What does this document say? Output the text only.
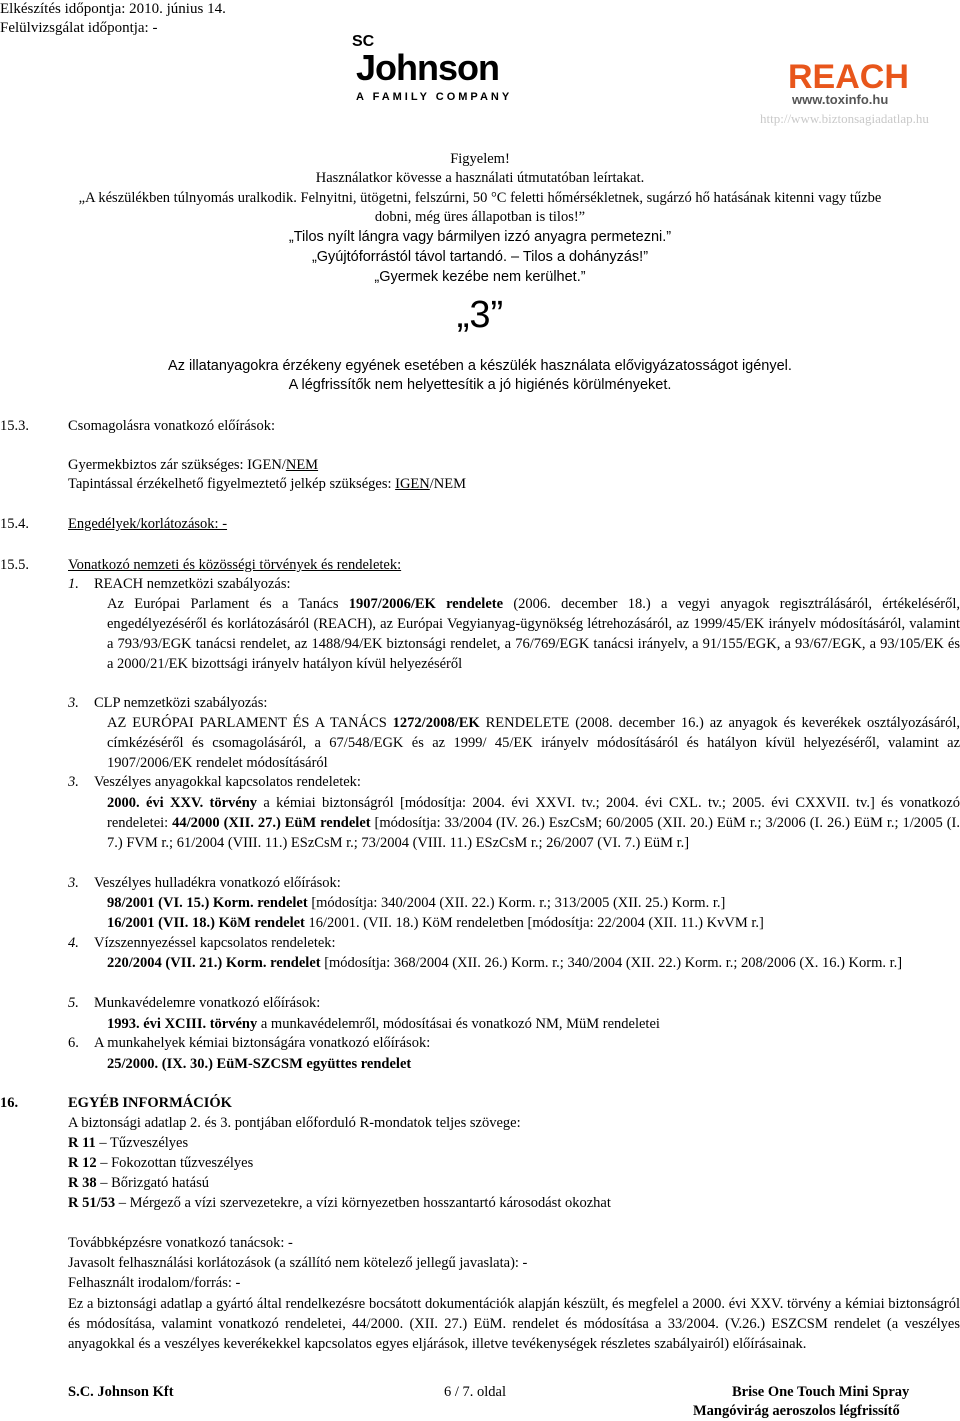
Elkészítés időpontja: 2010. június 14.
Felülvizsgálat időpontja: -
SC
Johnson
A FAMILY COMPANY
REACH
www.toxinfo.hu
http://www.biztonsagiadatlap.hu
Figyelem!
Használatkor kövesse a használati útmutatóban leírtakat.
„A készülékben túlnyomás uralkodik. Felnyitni, ütögetni, felszúrni, 50 °C feletti hőmérsékletnek, sugárzó hő hatásának kitenni vagy tűzbe
dobni, még üres állapotban is tilos!”
„Tilos nyílt lángra vagy bármilyen izzó anyagra permetezni.”
„Gyújtóforrástól távol tartandó. – Tilos a dohányzás!”
„Gyermek kezébe nem kerülhet.”
„3”
Az illatanyagokra érzékeny egyének esetében a készülék használata elővigyázatosságot igényel.
A légfrissítők nem helyettesítik a jó higiénés körülményeket.
15.3.	Csomagolásra vonatkozó előírások:
Gyermekbiztos zár szükséges: IGEN/NEM
Tapintással érzékelhető figyelmeztető jelkép szükséges: IGEN/NEM
15.4.	Engedélyek/korlátozások: -
15.5.	Vonatkozó nemzeti és közösségi törvények és rendeletek:
1. REACH nemzetközi szabályozás:
Az Európai Parlament és a Tanács 1907/2006/EK rendelete (2006. december 18.) a vegyi anyagok regisztrálásáról, értékeléséről, engedélyezéséről és korlátozásáról (REACH), az Európai Vegyianyag-ügynökség létrehozásáról, az 1999/45/EK irányelv módosításáról, valamint a 793/93/EGK tanácsi rendelet, az 1488/94/EK biztonsági rendelet, a 76/769/EGK tanácsi irányelv, a 91/155/EGK, a 93/67/EGK, a 93/105/EK és a 2000/21/EK bizottsági irányelv hatályon kívül helyezéséről
3. CLP nemzetközi szabályozás:
AZ EURÓPAI PARLAMENT ÉS A TANÁCS 1272/2008/EK RENDELETE (2008. december 16.) az anyagok és keverékek osztályozásáról, címkézéséről és csomagolásáról, a 67/548/EGK és az 1999/ 45/EK irányelv módosításáról és hatályon kívül helyezéséről, valamint az 1907/2006/EK rendelet módosításáról
3. Veszélyes anyagokkal kapcsolatos rendeletek:
2000. évi XXV. törvény a kémiai biztonságról [módosítja: 2004. évi XXVI. tv.; 2004. évi CXL. tv.; 2005. évi CXXVII. tv.] és vonatkozó rendeletei: 44/2000 (XII. 27.) EüM rendelet [módosítja: 33/2004 (IV. 26.) EszCsM; 60/2005 (XII. 20.) EüM r.; 3/2006 (I. 26.) EüM r.; 1/2005 (I. 7.) FVM r.; 61/2004 (VIII. 11.) ESzCsM r.; 73/2004 (VIII. 11.) ESzCsM r.; 26/2007 (VI. 7.) EüM r.]
3. Veszélyes hulladékra vonatkozó előírások:
98/2001 (VI. 15.) Korm. rendelet [módosítja: 340/2004 (XII. 22.) Korm. r.; 313/2005 (XII. 25.) Korm. r.]
16/2001 (VII. 18.) KöM rendelet 16/2001. (VII. 18.) KöM rendeletben [módosítja: 22/2004 (XII. 11.) KvVM r.]
4. Vízszennyezéssel kapcsolatos rendeletek:
220/2004 (VII. 21.) Korm. rendelet [módosítja: 368/2004 (XII. 26.) Korm. r.; 340/2004 (XII. 22.) Korm. r.; 208/2006 (X. 16.) Korm. r.]
5. Munkavédelemre vonatkozó előírások:
1993. évi XCIII. törvény a munkavédelemről, módosításai és vonatkozó NM, MüM rendeletei
6. A munkahelyek kémiai biztonságára vonatkozó előírások:
25/2000. (IX. 30.) EüM-SZCSM együttes rendelet
16.	EGYÉB INFORMÁCIÓK
A biztonsági adatlap 2. és 3. pontjában előforduló R-mondatok teljes szövege:
R 11 – Tűzveszélyes
R 12 – Fokozottan tűzveszélyes
R 38 – Bőrizgató hatású
R 51/53 – Mérgező a vízi szervezetekre, a vízi környezetben hosszantartó károsodást okozhat
Továbbképzésre vonatkozó tanácsok: -
Javasolt felhasználási korlátozások (a szállító nem kötelező jellegű javaslata): -
Felhasznált irodalom/forrás: -
Ez a biztonsági adatlap a gyártó által rendelkezésre bocsátott dokumentációk alapján készült, és megfelel a 2000. évi XXV. törvény a kémiai biztonságról és módosítása, valamint vonatkozó rendeletei, 44/2000. (XII. 27.) EüM. rendelet és módosítása a 33/2004. (V.26.) ESZCSM rendelet (a veszélyes anyagokkal és a veszélyes keverékekkel kapcsolatos egyes eljárások, illetve tevékenységek részletes szabályairól) előírásainak.
S.C. Johnson Kft	6 / 7. oldal	Brise One Touch Mini Spray
Mangóvirág aeroszolos légfrissítő
